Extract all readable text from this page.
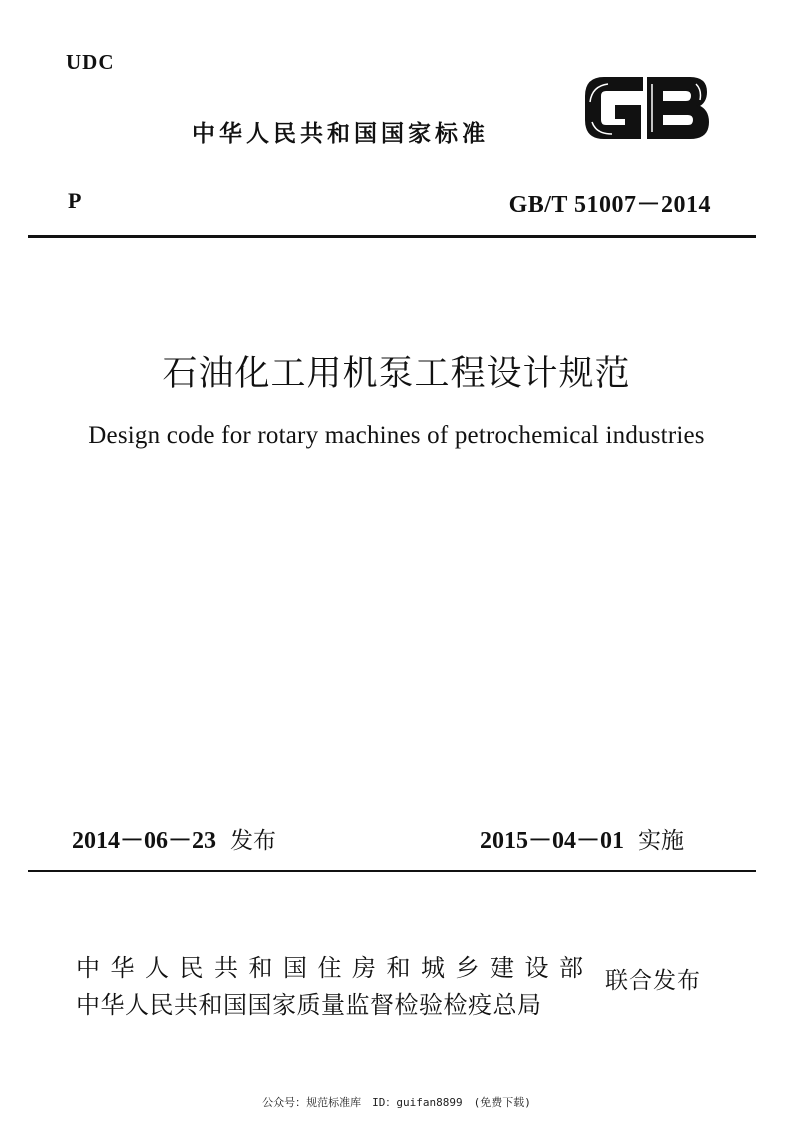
UDC
中华人民共和国国家标准
P	GB/T 51007－2014
石油化工用机泵工程设计规范
Design code for rotary machines of petrochemical industries
2014－06－23 发布	2015－04－01 实施
中华人民共和国住房和城乡建设部
中华人民共和国国家质量监督检验检疫总局
联合发布
公众号：规范标准库　ID：guifan8899　(免费下载)
